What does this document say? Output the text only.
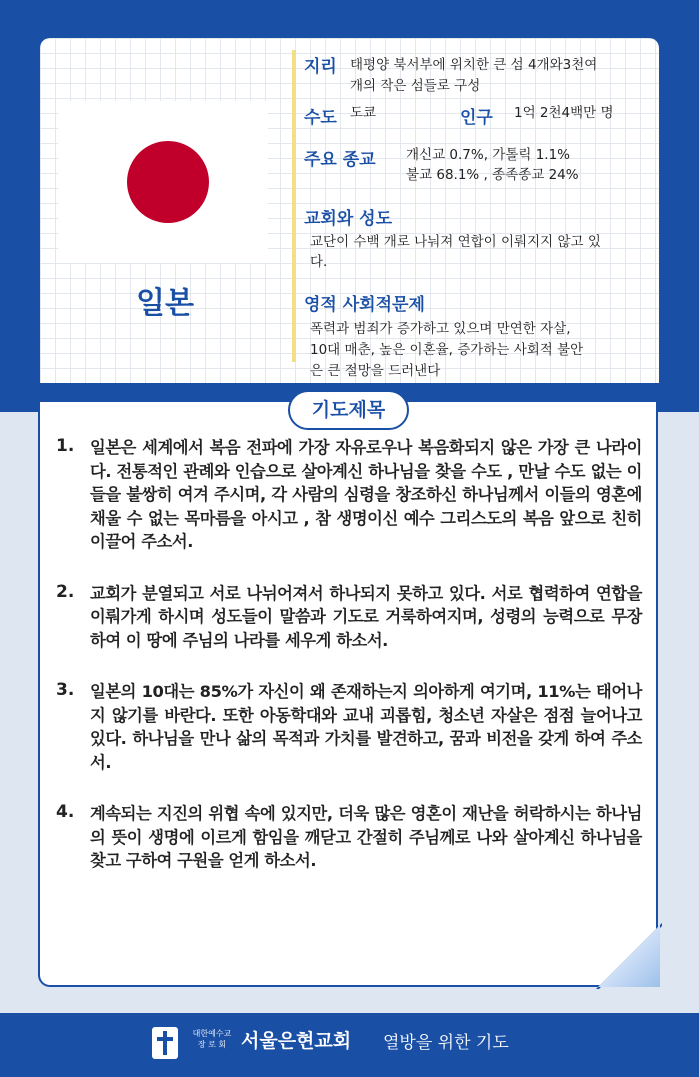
일본
지리 태평양 북서부에 위치한 큰 섬 4개와3천여
개의 작은 섬들로 구성
수도 도쿄	인구 1억 2천4백만 명
주요 종교 개신교 0.7%, 가톨릭 1.1%
불교 68.1% , 종족종교 24%
교회와 성도
교단이 수백 개로 나눠져 연합이 이뤄지지 않고 있
다.
영적 사회적문제
폭력과 범죄가 증가하고 있으며 만연한 자살,
10대 매춘, 높은 이혼율, 증가하는 사회적 불안
은 큰 절망을 드러낸다
기도제목
1. 일본은 세계에서 복음 전파에 가장 자유로우나 복음화되지 않은 가장 큰 나라이다. 전통적인 관례와 인습으로 살아계신 하나님을 찾을 수도 , 만날 수도 없는 이들을 불쌍히 여겨 주시며, 각 사람의 심령을 창조하신 하나님께서 이들의 영혼에 채울 수 없는 목마름을 아시고 , 참 생명이신 예수 그리스도의 복음 앞으로 친히 이끌어 주소서.
2. 교회가 분열되고 서로 나뉘어져서 하나되지 못하고 있다. 서로 협력하여 연합을 이뤄가게 하시며 성도들이 말씀과 기도로 거룩하여지며, 성령의 능력으로 무장하여 이 땅에 주님의 나라를 세우게 하소서.
3. 일본의 10대는 85%가 자신이 왜 존재하는지 의아하게 여기며, 11%는 태어나지 않기를 바란다. 또한 아동학대와 교내 괴롭힘, 청소년 자살은 점점 늘어나고 있다. 하나님을 만나 삶의 목적과 가치를 발견하고, 꿈과 비전을 갖게 하여 주소서.
4. 계속되는 지진의 위협 속에 있지만, 더욱 많은 영혼이 재난을 허락하시는 하나님의 뜻이 생명에 이르게 함임을 깨닫고 간절히 주님께로 나와 살아계신 하나님을 찾고 구하여 구원을 얻게 하소서.
대한예수교
장 로 회 서울은현교회 열방을 위한 기도
